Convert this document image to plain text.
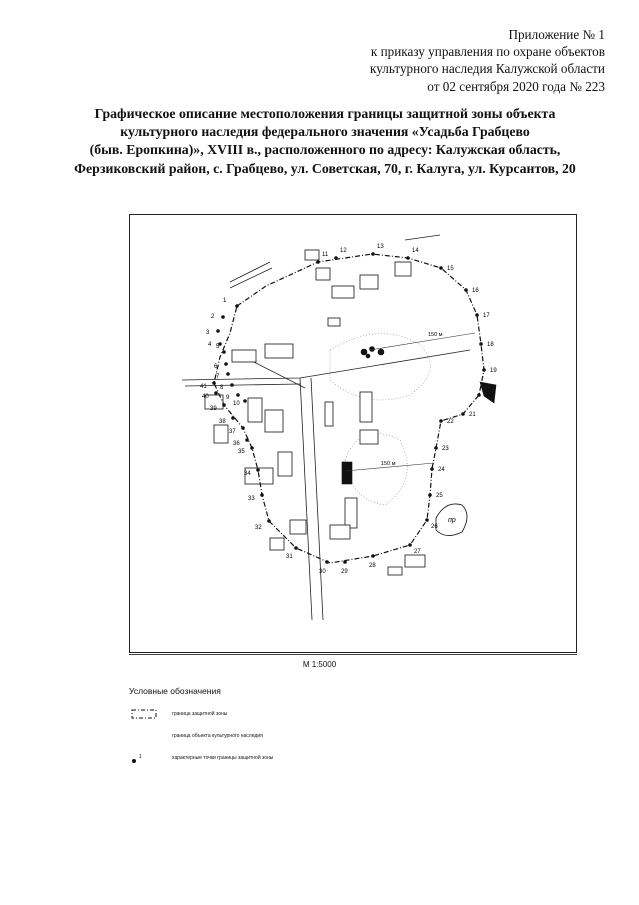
Приложение № 1
к приказу управления по охране объектов
культурного наследия Калужской области
от 02 сентября 2020 года № 223
Графическое описание местоположения границы защитной зоны объекта
культурного наследия федерального значения «Усадьба Грабцево
(быв. Еропкина)», XVIII в., расположенного по адресу: Калужская область,
Ферзиковский район, с. Грабцево, ул. Советская, 70, г. Калуга, ул. Курсантов, 20
пр
150 м
150 м
1
2
3
4 5
6
7
8
9
10
11
12
13
14
15
16
17
18
19
20
21
22
23
24
25
26
27
28
29
30
31
32
33
34
35
36
37
38
39
40
41
М 1:5000
Условные обозначения
граница защитной зоны
граница объекта культурного наследия
1	характерные точки границы защитной зоны
